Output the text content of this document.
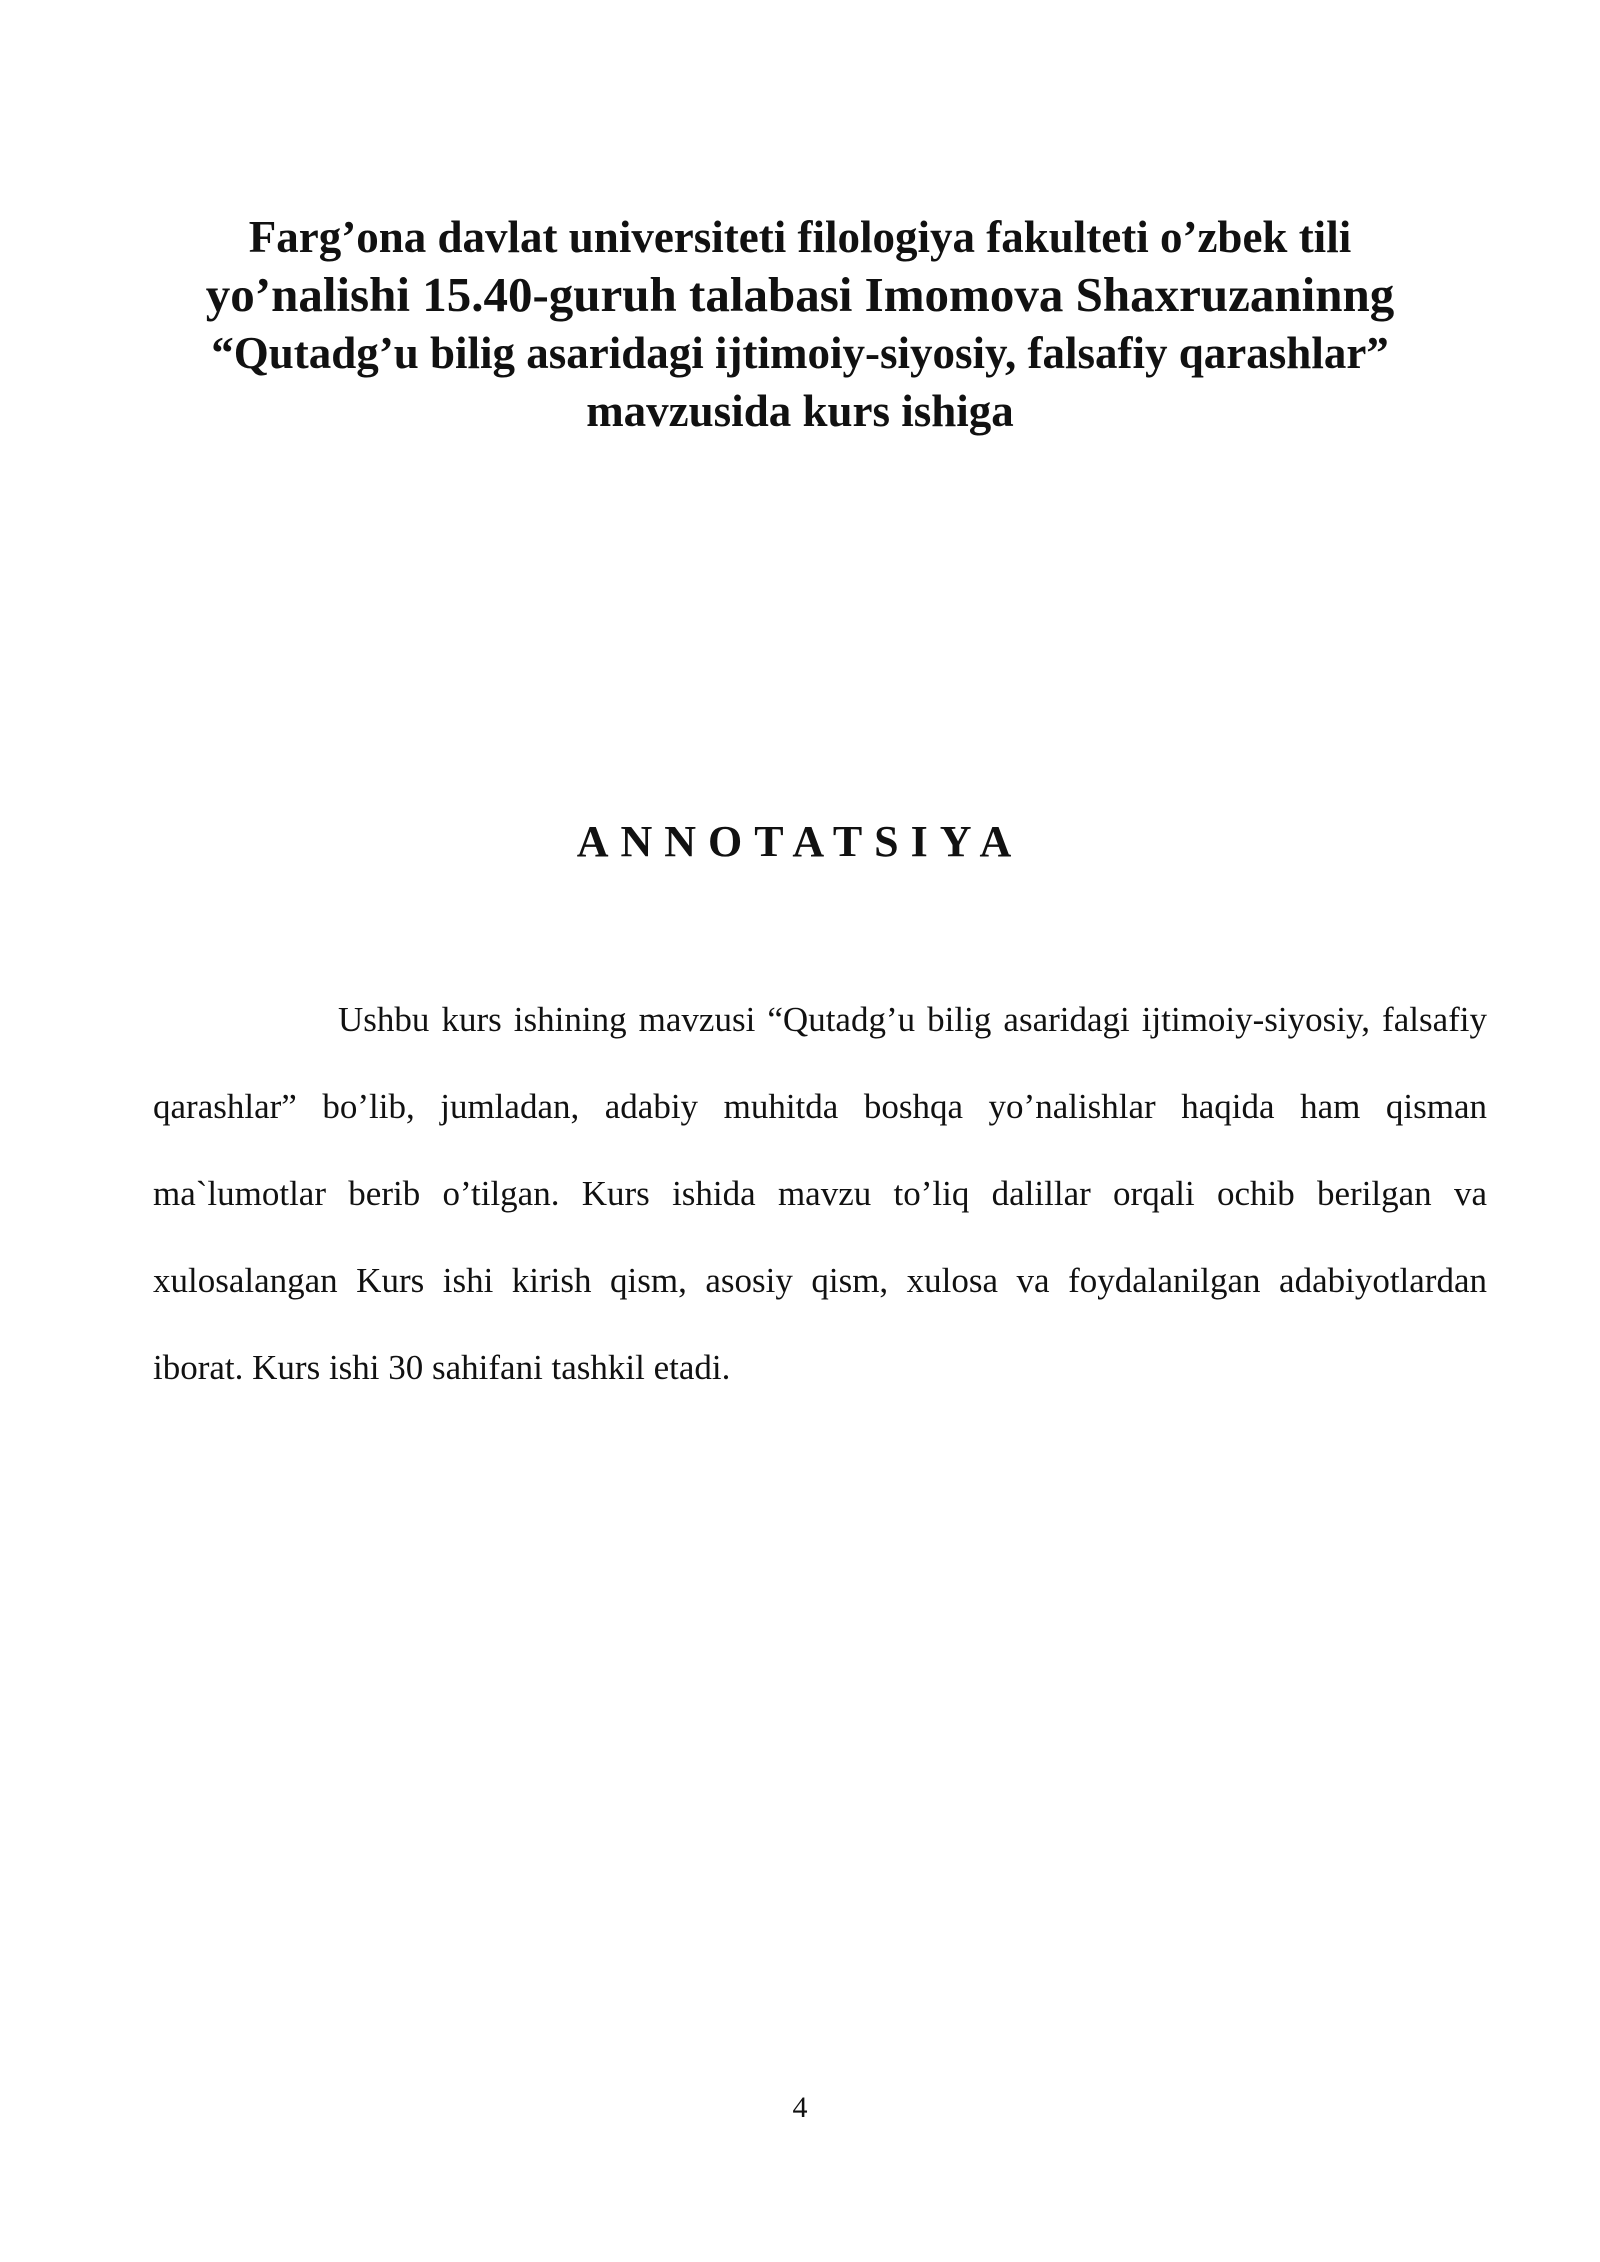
Farg’ona davlat universiteti filologiya fakulteti o’zbek tili
yo’nalishi 15.40-guruh talabasi Imomova Shaxruzaninng
“Qutadg’u bilig asaridagi ijtimoiy-siyosiy, falsafiy qarashlar”
mavzusida kurs ishiga
ANNOTATSIYA

Ushbu kurs ishining mavzusi “Qutadg’u bilig asaridagi ijtimoiy-siyosiy, falsafiy qarashlar” bo’lib, jumladan, adabiy muhitda boshqa yo’nalishlar haqida ham qisman ma`lumotlar berib o’tilgan. Kurs ishida mavzu to’liq dalillar orqali ochib berilgan va xulosalangan Kurs ishi kirish qism, asosiy qism, xulosa va foydalanilgan adabiyotlardan iborat. Kurs ishi 30 sahifani tashkil etadi.

4
